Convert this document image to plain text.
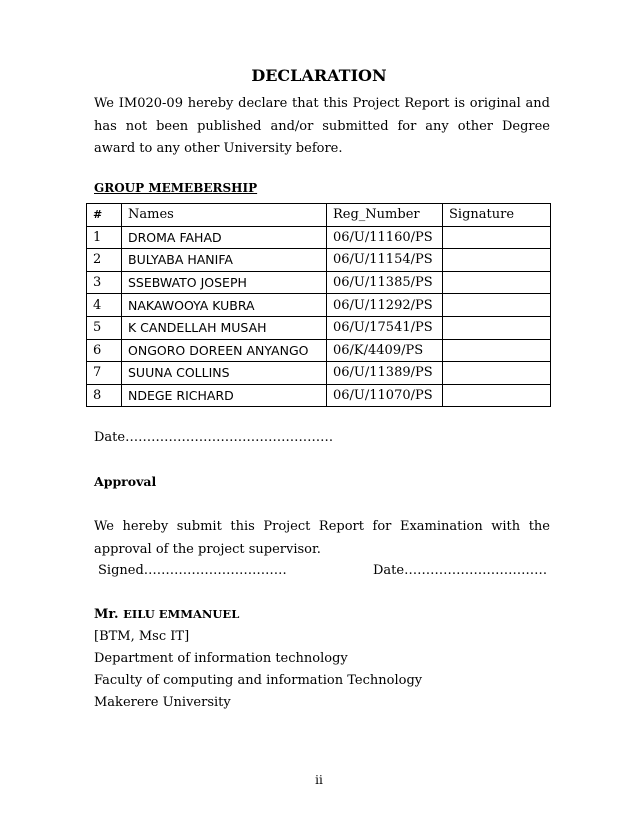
DECLARATION
We IM020-09 hereby declare that this Project Report is original and has not been published and/or submitted for any other Degree award to any other University before.
GROUP MEMEBERSHIP
#	Names	Reg_Number	Signature
1	DROMA FAHAD	06/U/11160/PS	
2	BULYABA HANIFA	06/U/11154/PS	
3	SSEBWATO JOSEPH	06/U/11385/PS	
4	NAKAWOOYA KUBRA	06/U/11292/PS	
5	K CANDELLAH MUSAH	06/U/17541/PS	
6	ONGORO DOREEN ANYANGO	06/K/4409/PS	
7	SUUNA COLLINS	06/U/11389/PS	
8	NDEGE RICHARD	06/U/11070/PS	
Date…………………………………………
Approval
We hereby submit this Project Report for Examination with the approval of the project supervisor.
Signed……………………………	Date……………………………
Mr. EILU EMMANUEL
[BTM, Msc IT]
Department of information technology
Faculty of computing and information Technology
Makerere University
ii
